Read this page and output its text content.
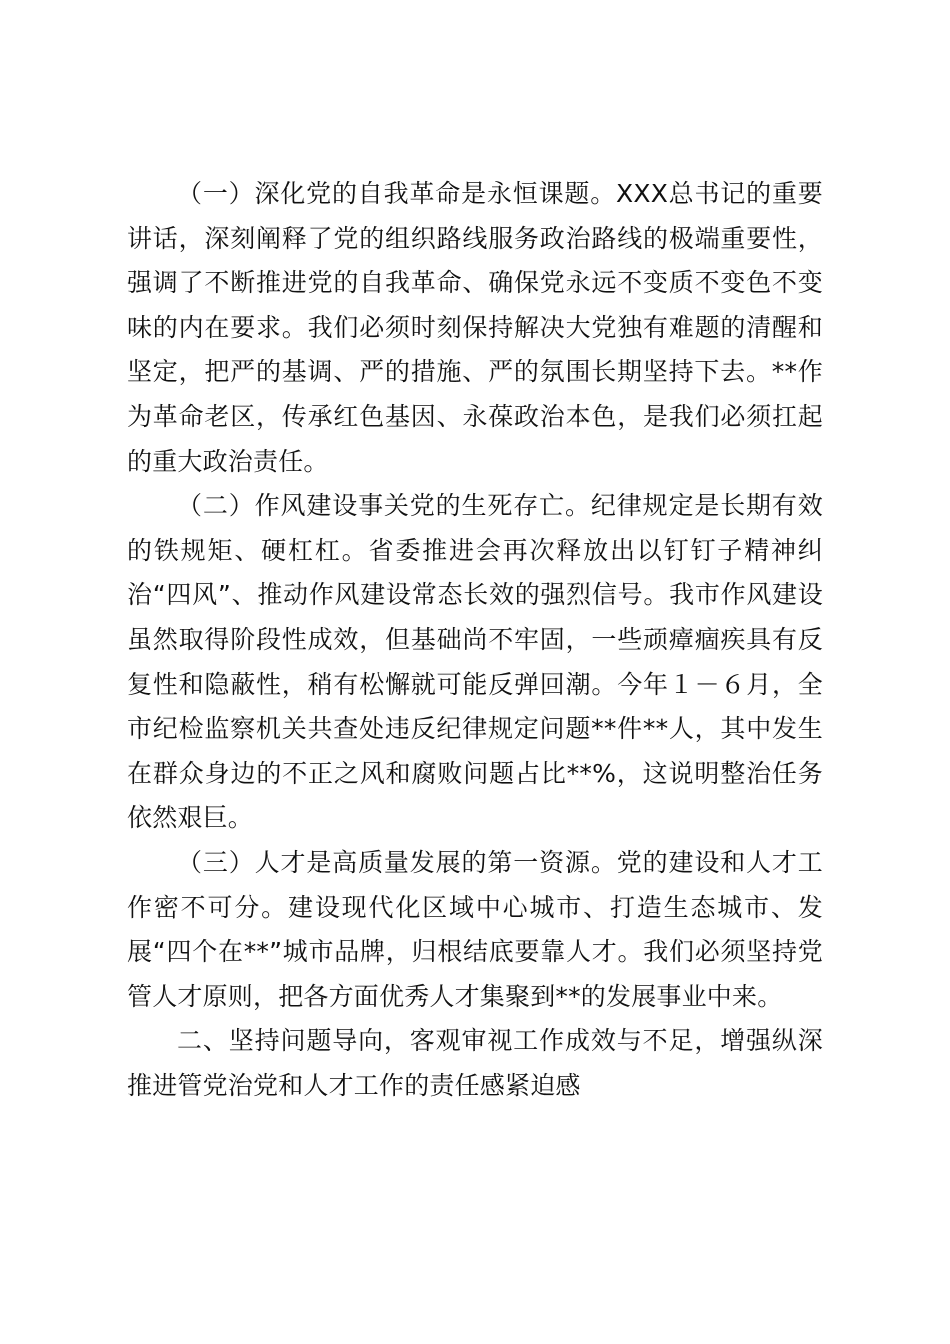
（一）深化党的自我革命是永恒课题。XXX总书记的重要讲话，深刻阐释了党的组织路线服务政治路线的极端重要性，强调了不断推进党的自我革命、确保党永远不变质不变色不变味的内在要求。我们必须时刻保持解决大党独有难题的清醒和坚定，把严的基调、严的措施、严的氛围长期坚持下去。**作为革命老区，传承红色基因、永葆政治本色，是我们必须扛起的重大政治责任。

（二）作风建设事关党的生死存亡。纪律规定是长期有效的铁规矩、硬杠杠。省委推进会再次释放出以钉钉子精神纠治“四风”、推动作风建设常态长效的强烈信号。我市作风建设虽然取得阶段性成效，但基础尚不牢固，一些顽瘴痼疾具有反复性和隐蔽性，稍有松懈就可能反弹回潮。今年１－６月，全市纪检监察机关共查处违反纪律规定问题**件**人，其中发生在群众身边的不正之风和腐败问题占比**%，这说明整治任务依然艰巨。

（三）人才是高质量发展的第一资源。党的建设和人才工作密不可分。建设现代化区域中心城市、打造生态城市、发展“四个在**”城市品牌，归根结底要靠人才。我们必须坚持党管人才原则，把各方面优秀人才集聚到**的发展事业中来。

二、坚持问题导向，客观审视工作成效与不足，增强纵深推进管党治党和人才工作的责任感紧迫感
